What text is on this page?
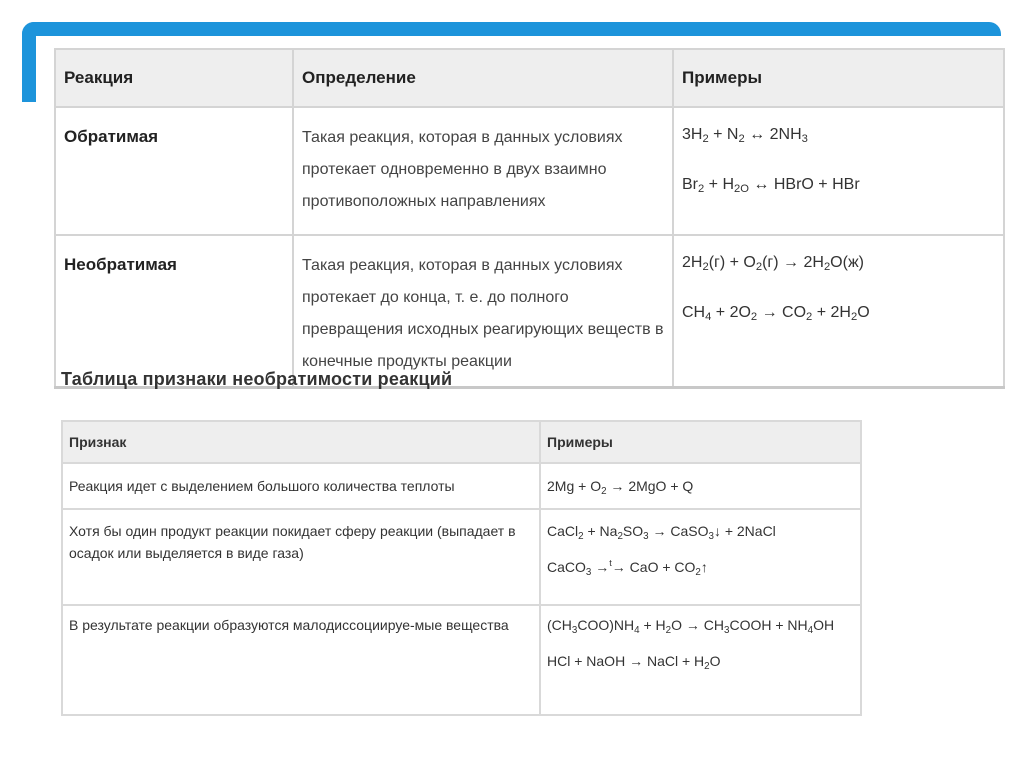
Реакция	Определение	Примеры
Обратимая	Такая реакция, которая в данных условиях протекает одновременно в двух взаимно противоположных направлениях	$3H_2 + N_2$ ↔ $2NH_3$
$Br_2 + H_{2O}$ ↔ HBrO + HBr

Необратимая	Такая реакция, которая в данных условиях протекает до конца, т. е. до полного превращения исходных реагирующих веществ в конечные продукты реакции	$2H_2(г) + O_2(г) \to 2H_2O(ж)$
$CH_4 + 2O_2 \to CO_2 + 2H_2O$
Таблица признаки необратимости реакций
Признак	Примеры
Реакция идет с выделением большого количества теплоты	$2Mg + O_2 \to 2MgO + Q$

Хотя бы один продукт реакции покидает сферу реакции (выпадает в осадок или выделяется в виде газа)	CaCl$_2$ + $Na_2SO_3$ → CaSO$_3$↓ + 2NaCl
CaCO$_3$ →$^t$→ CaO + $CO_2↑$

В результате реакции образуются малодиссоциируе-мые вещества	$(CH_3COO)NH_4 + H_2O$ → $CH_3COOH + NH_4OH$
HCl + NaOH → NaCl + $H_2O$
